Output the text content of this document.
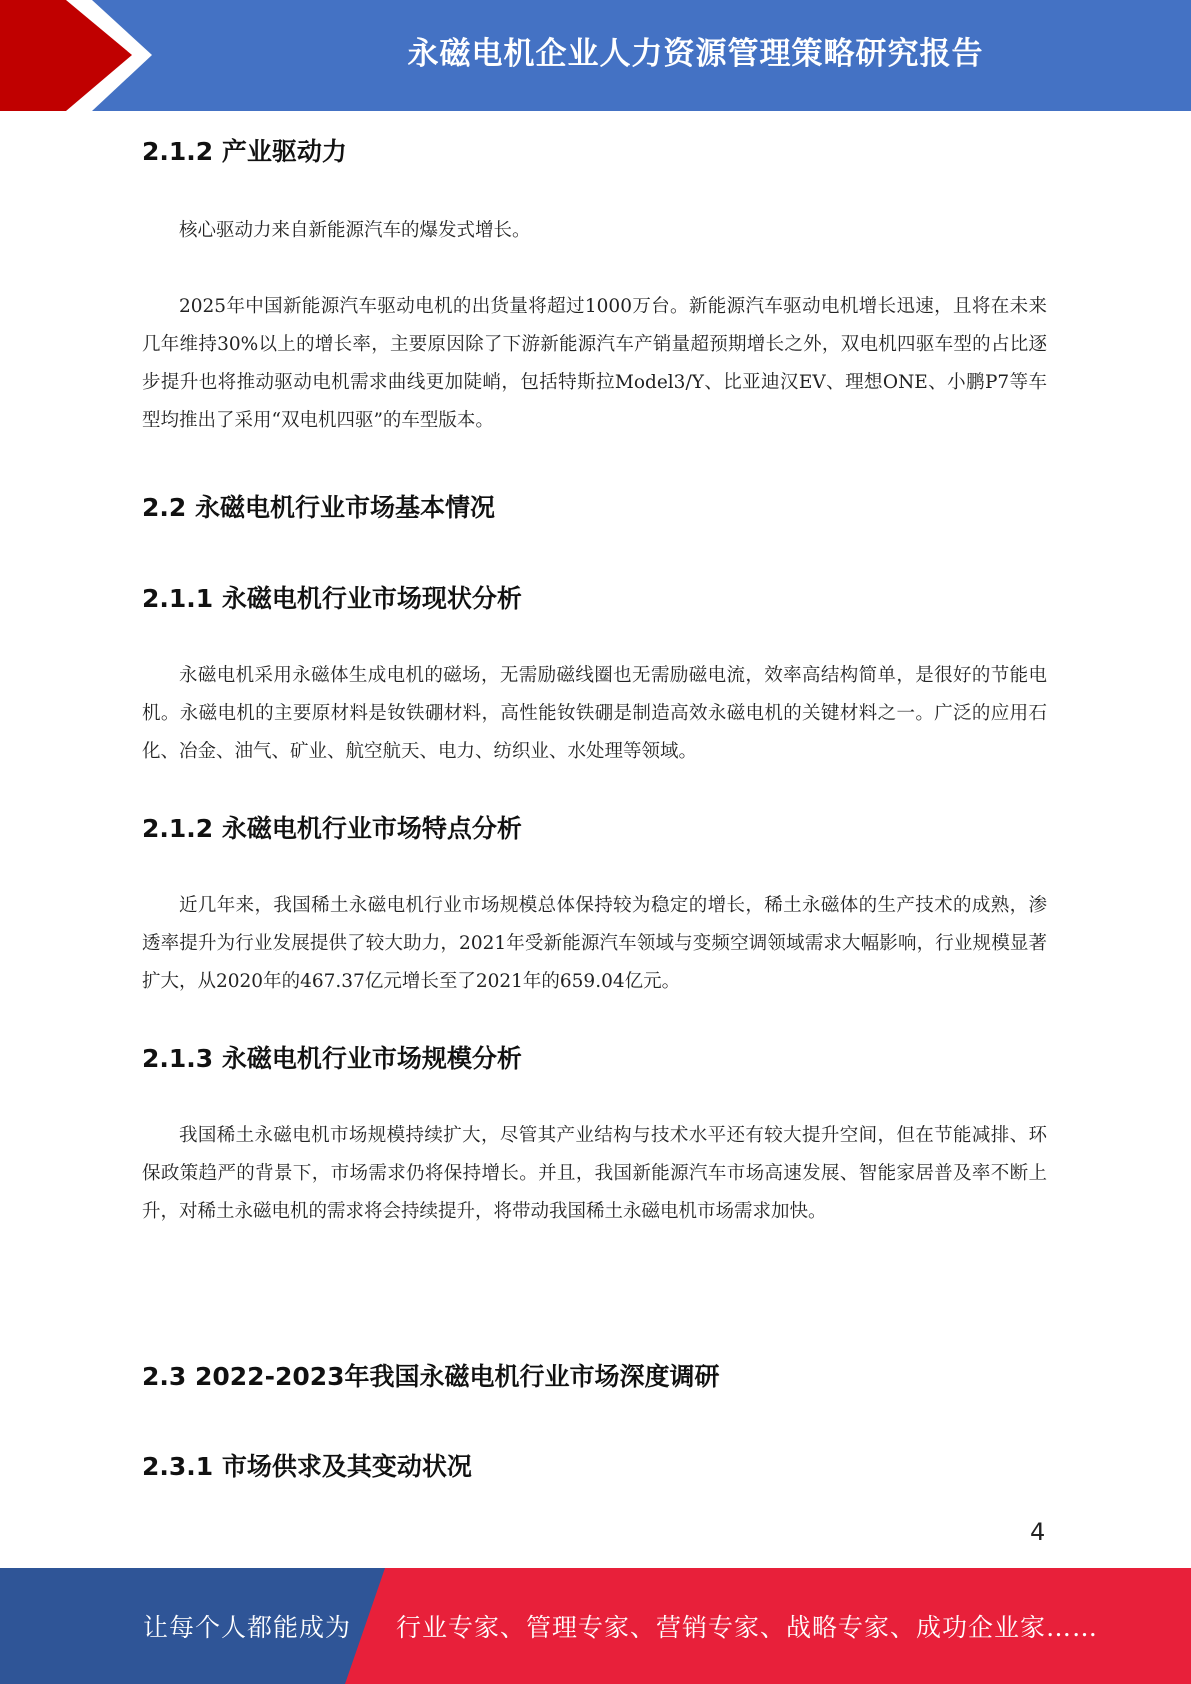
永磁电机企业人力资源管理策略研究报告
2.1.2 产业驱动力

核心驱动力来自新能源汽车的爆发式增长。

2025年中国新能源汽车驱动电机的出货量将超过1000万台。新能源汽车驱动电机增长迅速，且将在未来几年维持30%以上的增长率，主要原因除了下游新能源汽车产销量超预期增长之外，双电机四驱车型的占比逐步提升也将推动驱动电机需求曲线更加陡峭，包括特斯拉Model3/Y、比亚迪汉EV、理想ONE、小鹏P7等车型均推出了采用“双电机四驱”的车型版本。

2.2 永磁电机行业市场基本情况
2.1.1 永磁电机行业市场现状分析

永磁电机采用永磁体生成电机的磁场，无需励磁线圈也无需励磁电流，效率高结构简单，是很好的节能电机。永磁电机的主要原材料是钕铁硼材料，高性能钕铁硼是制造高效永磁电机的关键材料之一。广泛的应用石化、冶金、油气、矿业、航空航天、电力、纺织业、水处理等领域。

2.1.2 永磁电机行业市场特点分析

近几年来，我国稀土永磁电机行业市场规模总体保持较为稳定的增长，稀土永磁体的生产技术的成熟，渗透率提升为行业发展提供了较大助力，2021年受新能源汽车领域与变频空调领域需求大幅影响，行业规模显著扩大，从2020年的467.37亿元增长至了2021年的659.04亿元。

2.1.3 永磁电机行业市场规模分析

我国稀土永磁电机市场规模持续扩大，尽管其产业结构与技术水平还有较大提升空间，但在节能减排、环保政策趋严的背景下，市场需求仍将保持增长。并且，我国新能源汽车市场高速发展、智能家居普及率不断上升，对稀土永磁电机的需求将会持续提升，将带动我国稀土永磁电机市场需求加快。

2.3 2022-2023年我国永磁电机行业市场深度调研
2.3.1 市场供求及其变动状况
4
让每个人都能成为 行业专家、管理专家、营销专家、战略专家、成功企业家……
